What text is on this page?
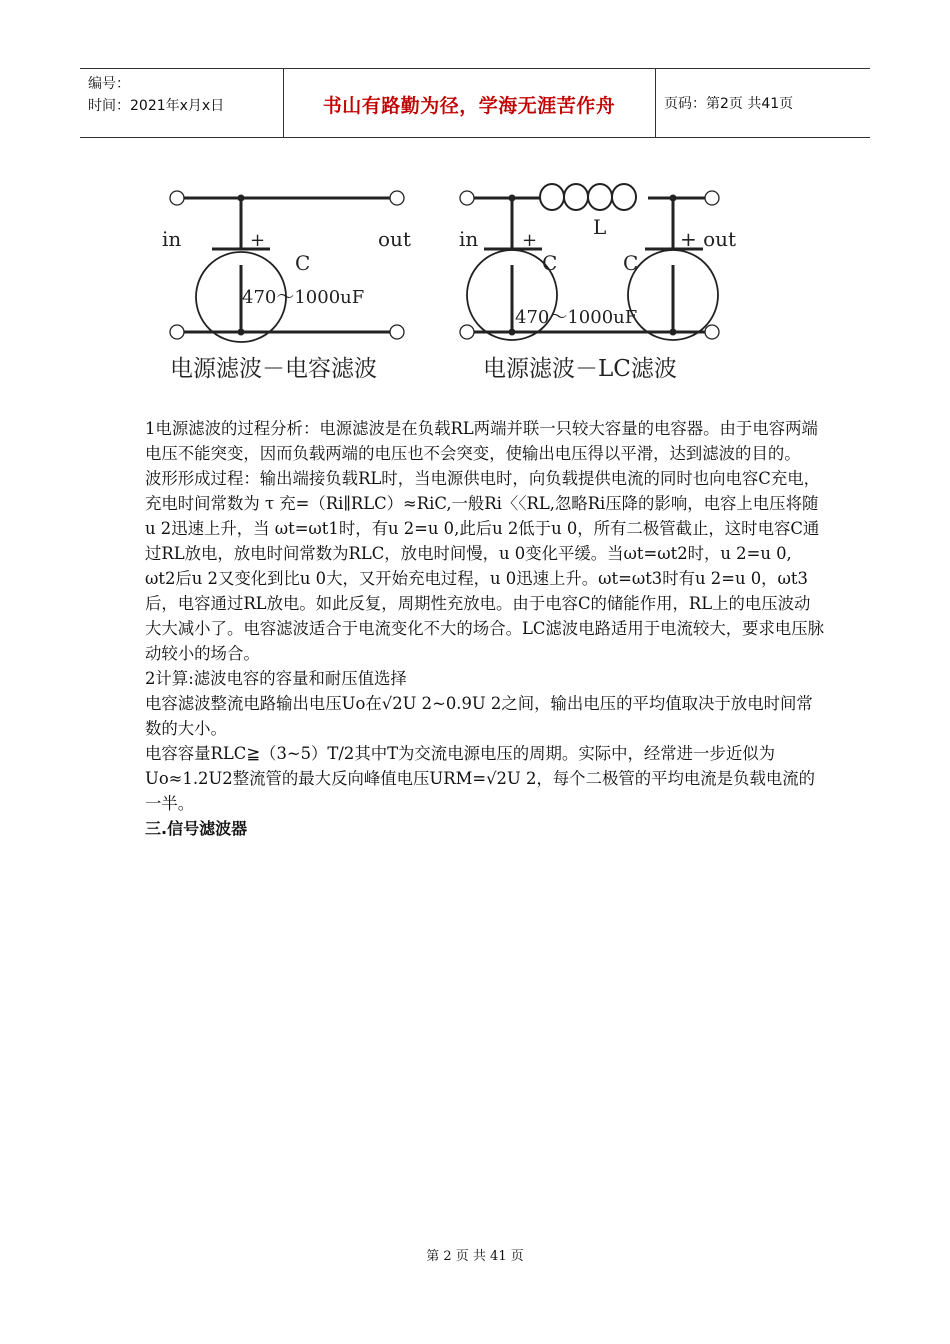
编号：
时间：2021年x月x日	书山有路勤为径，学海无涯苦作舟	页码：第2页 共41页
in	out
+
C
470～1000uF
电源滤波－电容滤波
in +	+ out
L
C	C
470～1000uF
电源滤波－LC滤波

1电源滤波的过程分析：电源滤波是在负载RL两端并联一只较大容量的电容器。由于电容两端电压不能突变，因而负载两端的电压也不会突变，使输出电压得以平滑，达到滤波的目的。

波形形成过程：输出端接负载RL时，当电源供电时，向负载提供电流的同时也向电容C充电，充电时间常数为 τ 充=（Ri∥RLC）≈RiC,一般Ri〈〈RL,忽略Ri压降的影响，电容上电压将随u 2迅速上升，当 ωt=ωt1时，有u 2=u 0,此后u 2低于u 0，所有二极管截止，这时电容C通过RL放电，放电时间常数为RLC，放电时间慢，u 0变化平缓。当ωt=ωt2时，u 2=u 0, ωt2后u 2又变化到比u 0大，又开始充电过程，u 0迅速上升。ωt=ωt3时有u 2=u 0，ωt3后，电容通过RL放电。如此反复，周期性充放电。由于电容C的储能作用，RL上的电压波动大大减小了。电容滤波适合于电流变化不大的场合。LC滤波电路适用于电流较大，要求电压脉动较小的场合。

2计算:滤波电容的容量和耐压值选择

电容滤波整流电路输出电压Uo在√2U 2~0.9U 2之间，输出电压的平均值取决于放电时间常数的大小。

电容容量RLC≧（3~5）T/2其中T为交流电源电压的周期。实际中，经常进一步近似为Uo≈1.2U2整流管的最大反向峰值电压URM=√2U 2，每个二极管的平均电流是负载电流的一半。

三.信号滤波器

第 2 页 共 41 页
